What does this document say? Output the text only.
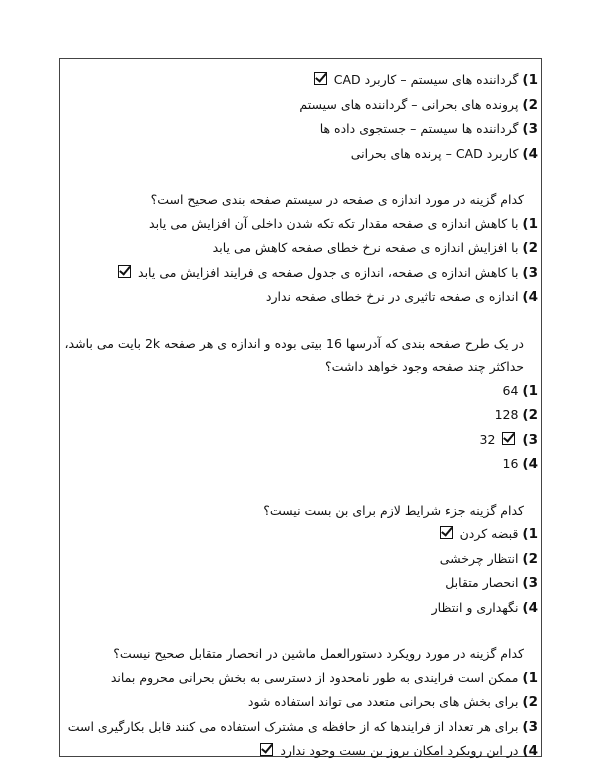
1) گرداننده های سیستم – کاربرد CAD
2) پرونده های بحرانی – گرداننده های سیستم
3) گرداننده ها سیستم – جستجوی داده ها
4) کاربرد CAD – پرنده های بحرانی
کدام گزینه در مورد اندازه ی صفحه در سیستم صفحه بندی صحیح است؟
1) با کاهش اندازه ی صفحه مقدار تکه تکه شدن داخلی آن افزایش می یابد
2) با افزایش اندازه ی صفحه نرخ خطای صفحه کاهش می یابد
3) با کاهش اندازه ی صفحه، اندازه ی جدول صفحه ی فرایند افزایش می یابد
4) اندازه ی صفحه تاثیری در نرخ خطای صفحه ندارد
در یک طرح صفحه بندی که آدرسها 16 بیتی بوده و اندازه ی هر صفحه 2k بایت می باشد، حداکثر چند صفحه وجود خواهد داشت؟
1) 64
2) 128
3)32
4) 16
کدام گزینه جزء شرایط لازم برای بن بست نیست؟
1) قبضه کردن
2) انتظار چرخشی
3) انحصار متقابل
4) نگهداری و انتظار
کدام گزینه در مورد رویکرد دستورالعمل ماشین در انحصار متقابل صحیح نیست؟
1) ممکن است فرایندی به طور نامحدود از دسترسی به بخش بحرانی محروم بماند
2) برای بخش های بحرانی متعدد می تواند استفاده شود
3) برای هر تعداد از فرایندها که از حافظه ی مشترک استفاده می کنند قابل بکارگیری است
4) در این رویکرد امکان بروز بن بست وجود ندارد
